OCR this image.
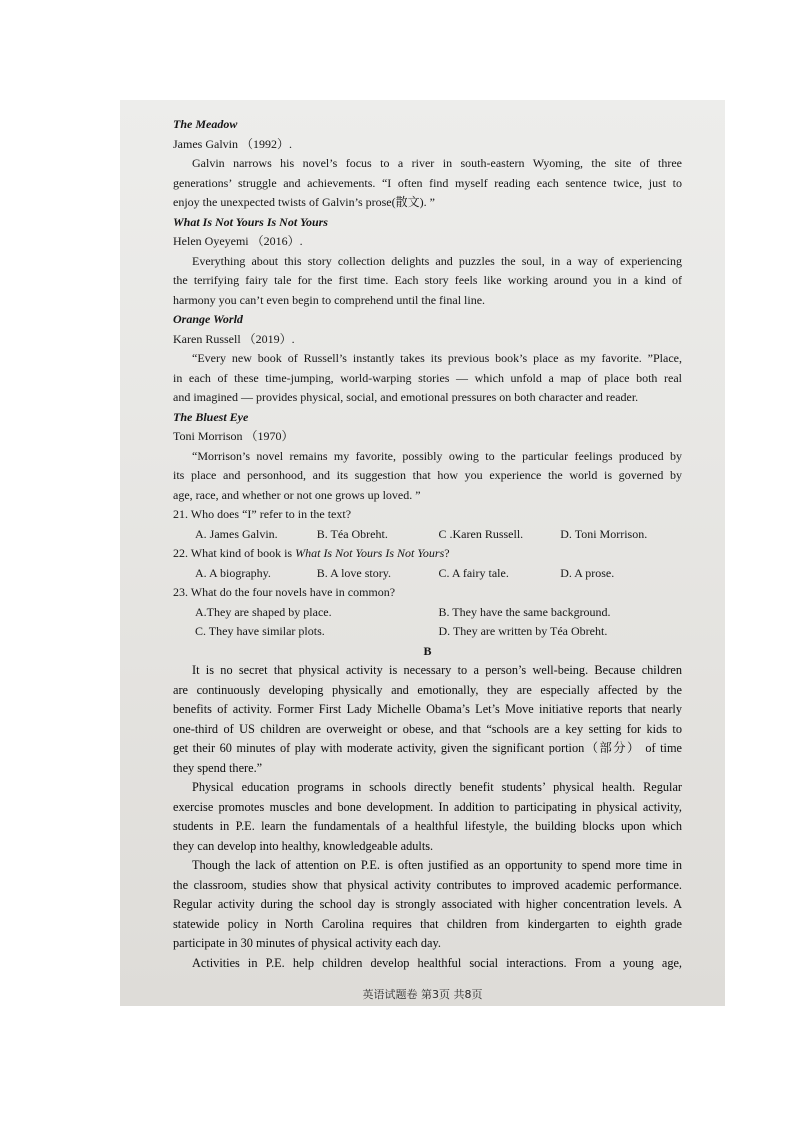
The Meadow
James Galvin （1992）.
Galvin narrows his novel’s focus to a river in south-eastern Wyoming, the site of three
generations’ struggle and achievements. “I often find myself reading each sentence twice, just to
enjoy the unexpected twists of Galvin’s prose(散文). ”
What Is Not Yours Is Not Yours
Helen Oyeyemi （2016）.
Everything about this story collection delights and puzzles the soul, in a way of experiencing
the terrifying fairy tale for the first time. Each story feels like working around you in a kind of
harmony you can’t even begin to comprehend until the final line.
Orange World
Karen Russell （2019）.
“Every new book of Russell’s instantly takes its previous book’s place as my favorite. ”Place,
in each of these time-jumping, world-warping stories — which unfold a map of place both real
and imagined — provides physical, social, and emotional pressures on both character and reader.
The Bluest Eye
Toni Morrison （1970）
“Morrison’s novel remains my favorite, possibly owing to the particular feelings produced by
its place and personhood, and its suggestion that how you experience the world is governed by
age, race, and whether or not one grows up loved. ”
21. Who does “I” refer to in the text?
A. James Galvin.	B. Téa Obreht.	C .Karen Russell.	D. Toni Morrison.
22. What kind of book is What Is Not Yours Is Not Yours?
A. A biography.	B. A love story.	C. A fairy tale.	D. A prose.
23. What do the four novels have in common?
A.They are shaped by place.	B. They have the same background.
C. They have similar plots.	D. They are written by Téa Obreht.
B
It is no secret that physical activity is necessary to a person’s well-being. Because children
are continuously developing physically and emotionally, they are especially affected by the
benefits of activity. Former First Lady Michelle Obama’s Let’s Move initiative reports that nearly
one-third of US children are overweight or obese, and that “schools are a key setting for kids to
get their 60 minutes of play with moderate activity, given the significant portion（部分） of time
they spend there.”
Physical education programs in schools directly benefit students’ physical health. Regular
exercise promotes muscles and bone development. In addition to participating in physical activity,
students in P.E. learn the fundamentals of a healthful lifestyle, the building blocks upon which
they can develop into healthy, knowledgeable adults.
Though the lack of attention on P.E. is often justified as an opportunity to spend more time in
the classroom, studies show that physical activity contributes to improved academic performance.
Regular activity during the school day is strongly associated with higher concentration levels. A
statewide policy in North Carolina requires that children from kindergarten to eighth grade
participate in 30 minutes of physical activity each day.
Activities in P.E. help children develop healthful social interactions. From a young age,
英语试题卷 第3页 共8页
